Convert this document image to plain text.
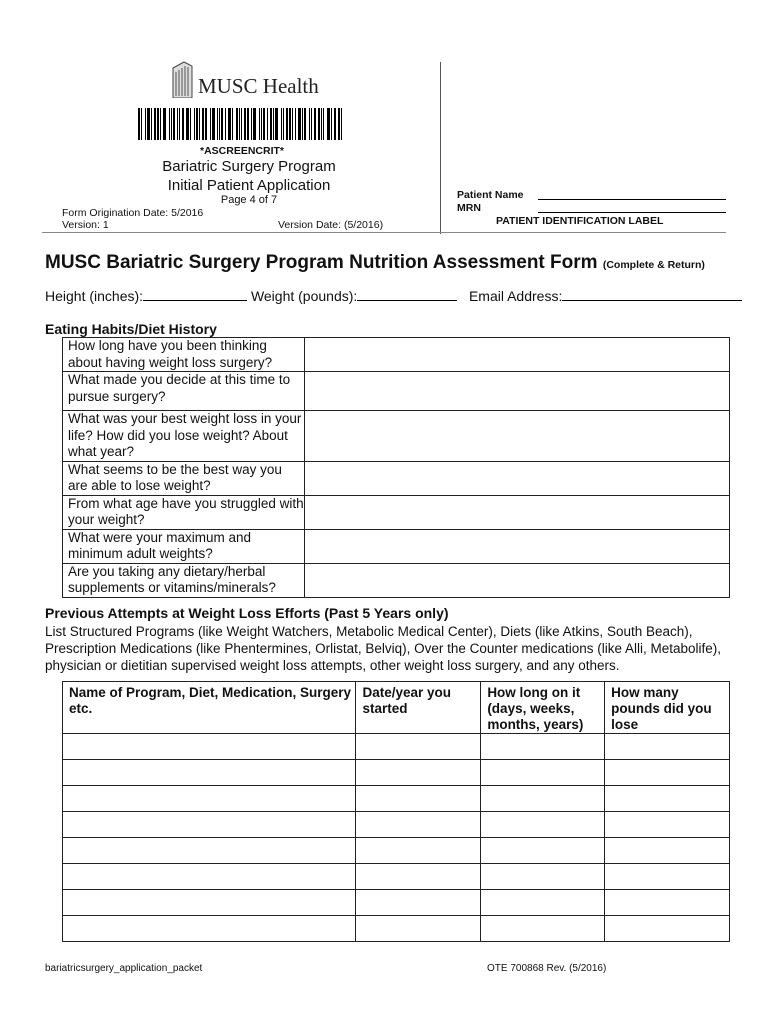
MUSC Health
*ASCREENCRIT*
Bariatric Surgery Program
Initial Patient Application
Page 4 of 7
Form Origination Date: 5/2016
Version: 1	Version Date: (5/2016)
Patient Name
MRN
PATIENT IDENTIFICATION LABEL
MUSC Bariatric Surgery Program Nutrition Assessment Form (Complete & Return)
Height (inches):	Weight (pounds):	Email Address:
Eating Habits/Diet History
How long have you been thinking about having weight loss surgery?	
What made you decide at this time to pursue surgery?	
What was your best weight loss in your life? How did you lose weight? About what year?	
What seems to be the best way you are able to lose weight?	
From what age have you struggled with your weight?	
What were your maximum and minimum adult weights?	
Are you taking any dietary/herbal supplements or vitamins/minerals?	
Previous Attempts at Weight Loss Efforts (Past 5 Years only)
List Structured Programs (like Weight Watchers, Metabolic Medical Center), Diets (like Atkins, South Beach), Prescription Medications (like Phentermines, Orlistat, Belviq), Over the Counter medications (like Alli, Metabolife), physician or dietitian supervised weight loss attempts, other weight loss surgery, and any others.
Name of Program, Diet, Medication, Surgery etc.	Date/year you started	How long on it (days, weeks, months, years)	How many pounds did you lose

bariatricsurgery_application_packet	OTE 700868 Rev. (5/2016)
